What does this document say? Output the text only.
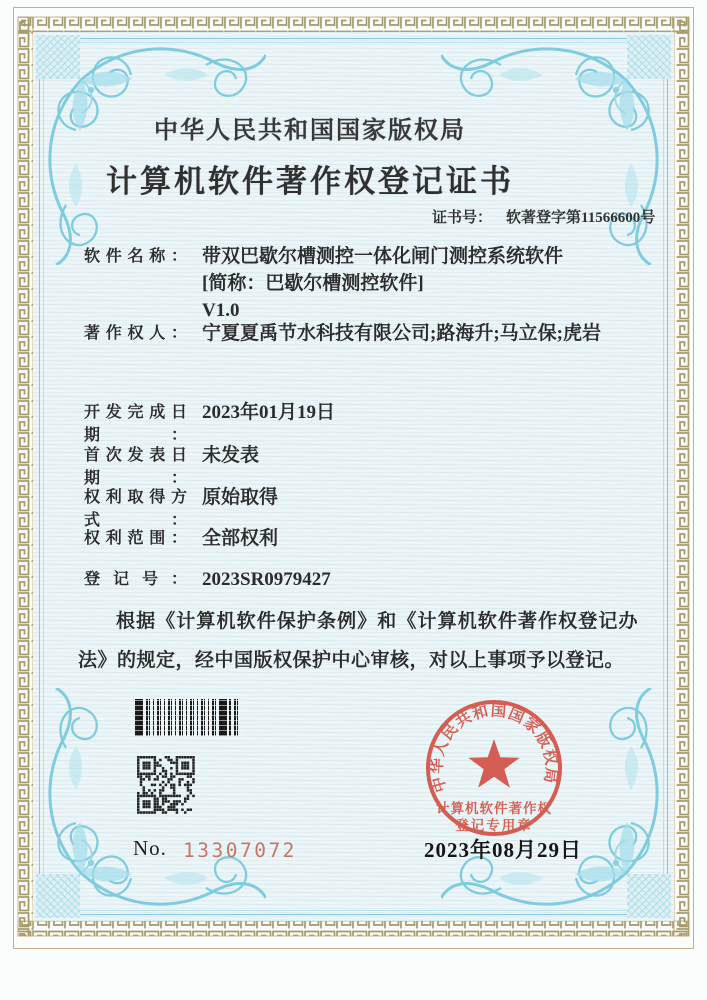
中华人民共和国国家版权局
计算机软件著作权登记证书
证书号： 软著登字第11566600号
软件名称： 带双巴歇尔槽测控一体化闸门测控系统软件
[简称：巴歇尔槽测控软件]
V1.0
著作权人： 宁夏夏禹节水科技有限公司;路海升;马立保;虎岩
开发完成日期：
2023年01月19日
首次发表日期：
未发表
权利取得方式：
原始取得
权利范围： 全部权利
登记号： 2023SR0979427
根据《计算机软件保护条例》和《计算机软件著作权登记办法》的规定，经中国版权保护中心审核，对以上事项予以登记。
中华人民共和国国家版权局
计算机软件著作权
登记专用章
No. 13307072	2023年08月29日
